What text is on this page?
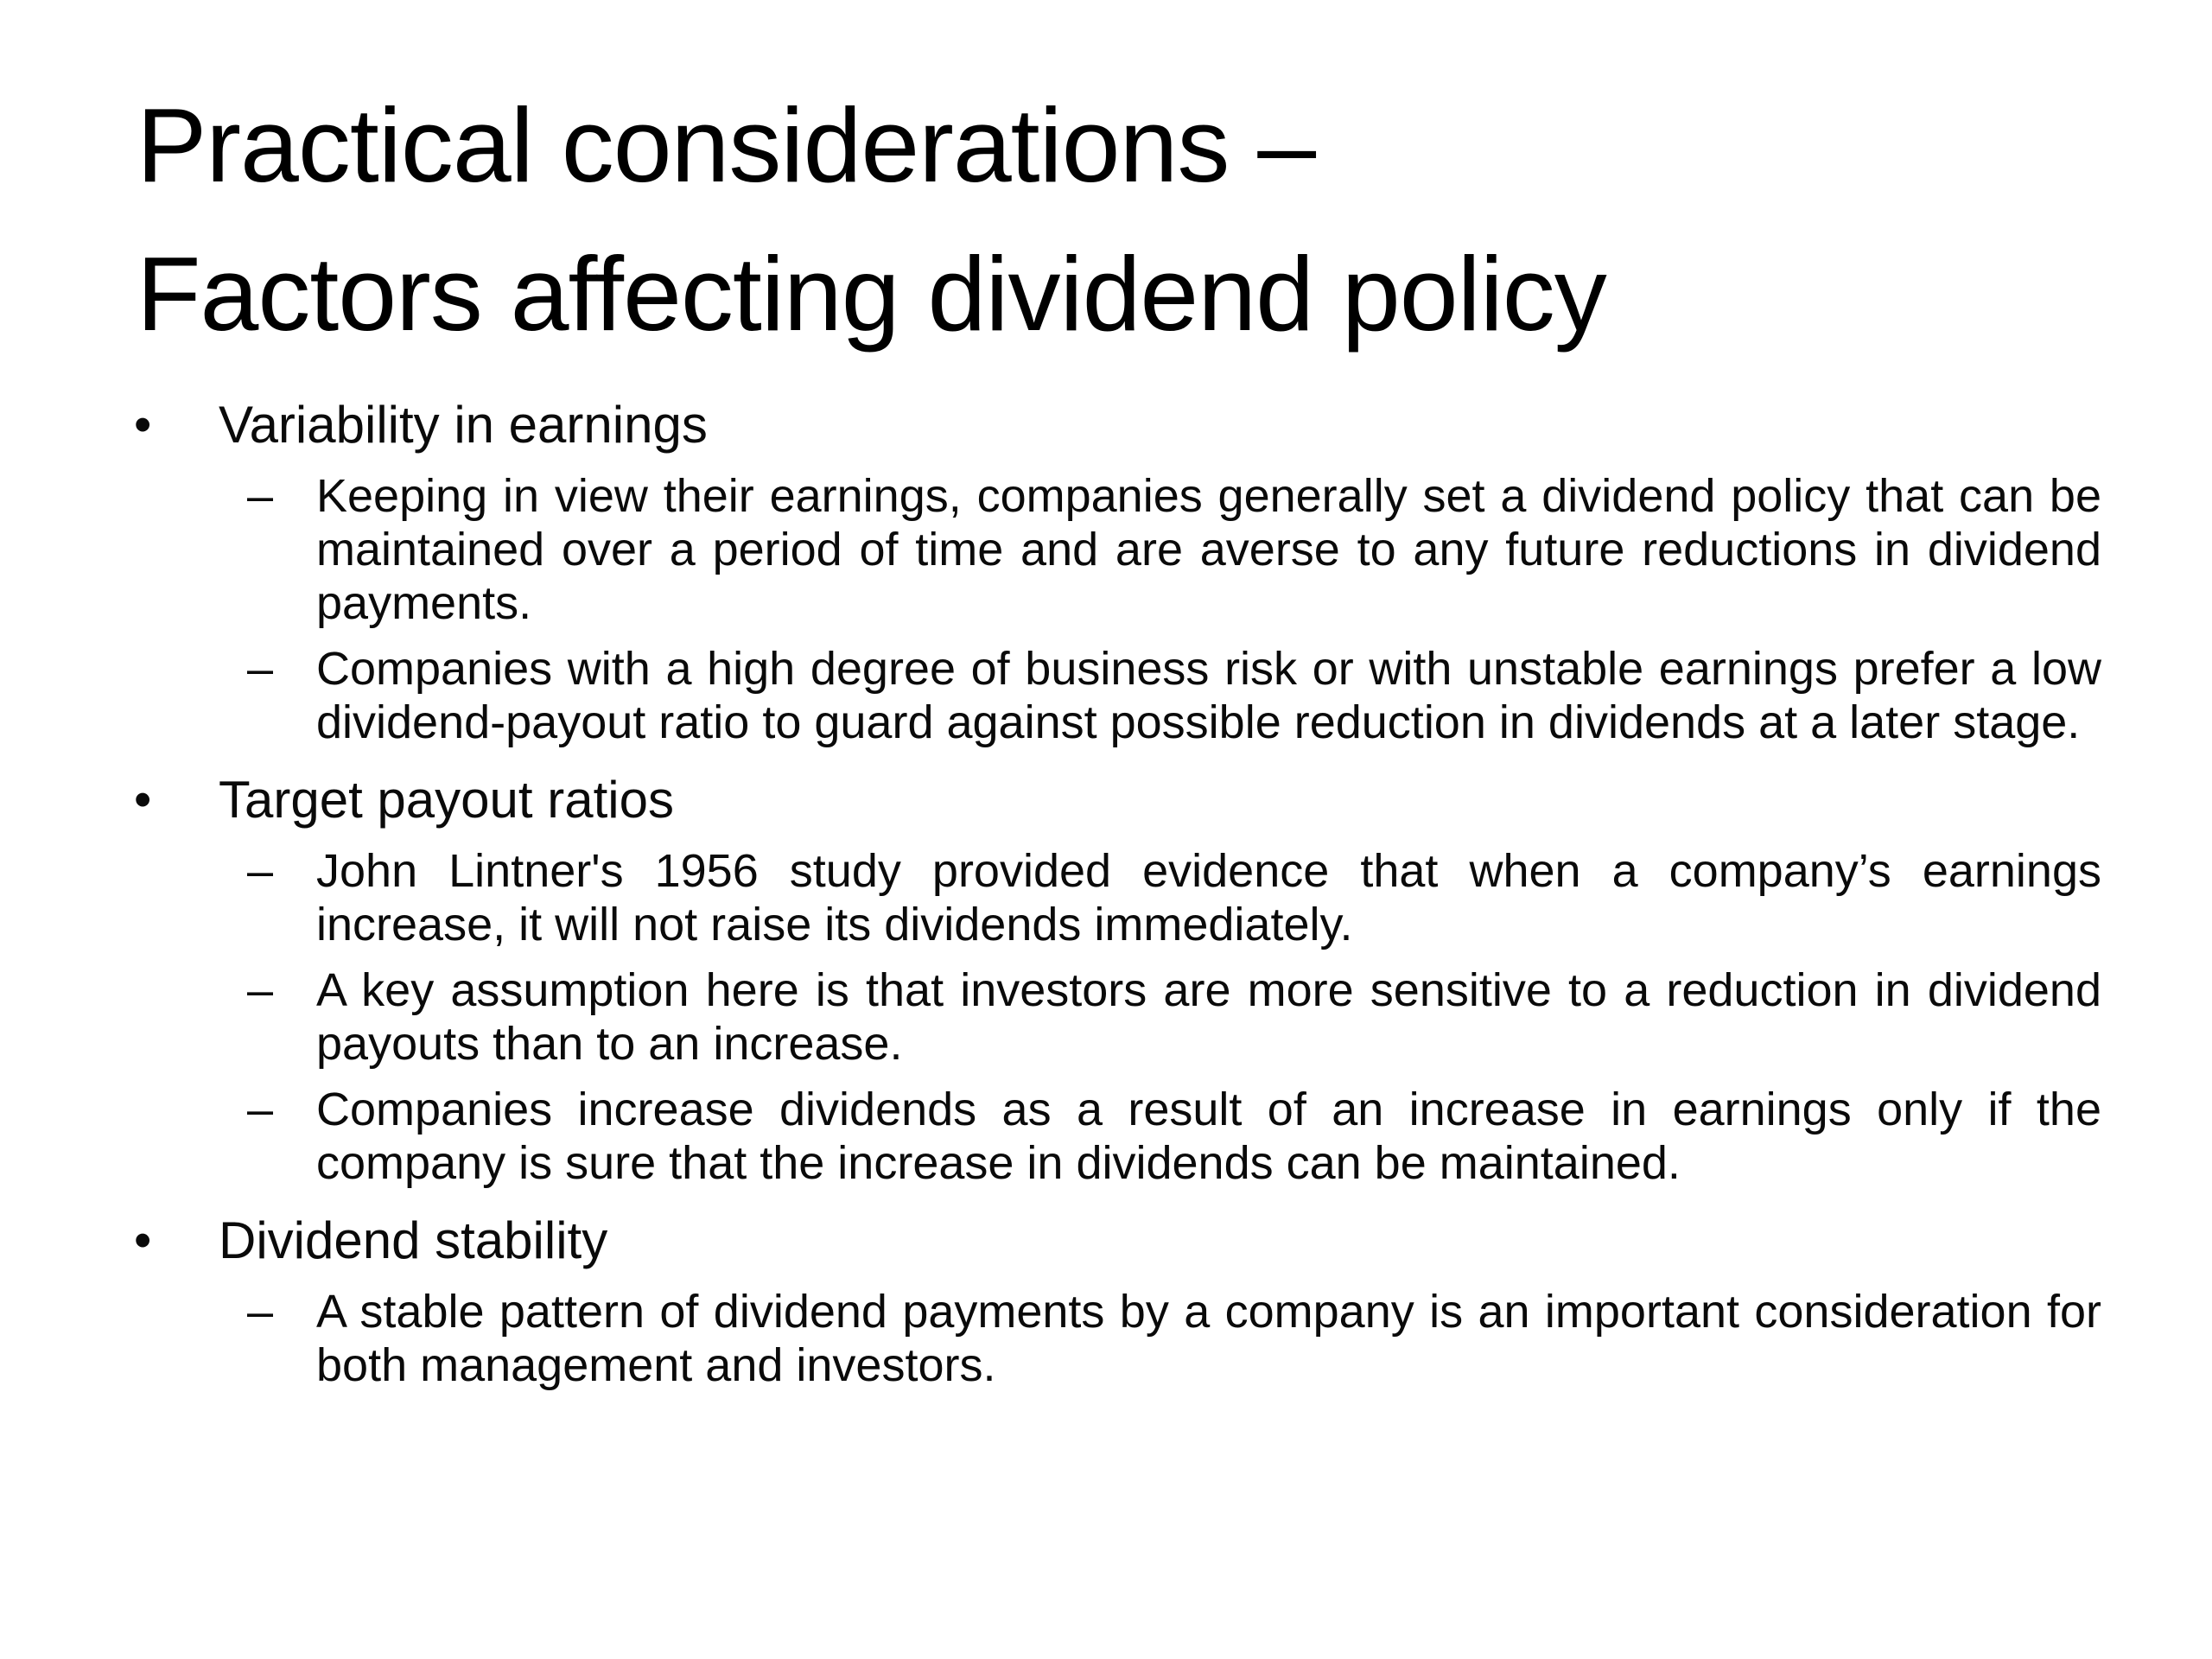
Practical considerations –
Factors affecting dividend policy
• Variability in earnings
– Keeping in view their earnings, companies generally set a dividend policy that can be maintained over a period of time and are averse to any future reductions in dividend payments.
– Companies with a high degree of business risk or with unstable earnings prefer a low dividend-payout ratio to guard against possible reduction in dividends at a later stage.
• Target payout ratios
– John Lintner's 1956 study provided evidence that when a company’s earnings increase, it will not raise its dividends immediately.
– A key assumption here is that investors are more sensitive to a reduction in dividend payouts than to an increase.
– Companies increase dividends as a result of an increase in earnings only if the company is sure that the increase in dividends can be maintained.
• Dividend stability
– A stable pattern of dividend payments by a company is an important consideration for both management and investors.
